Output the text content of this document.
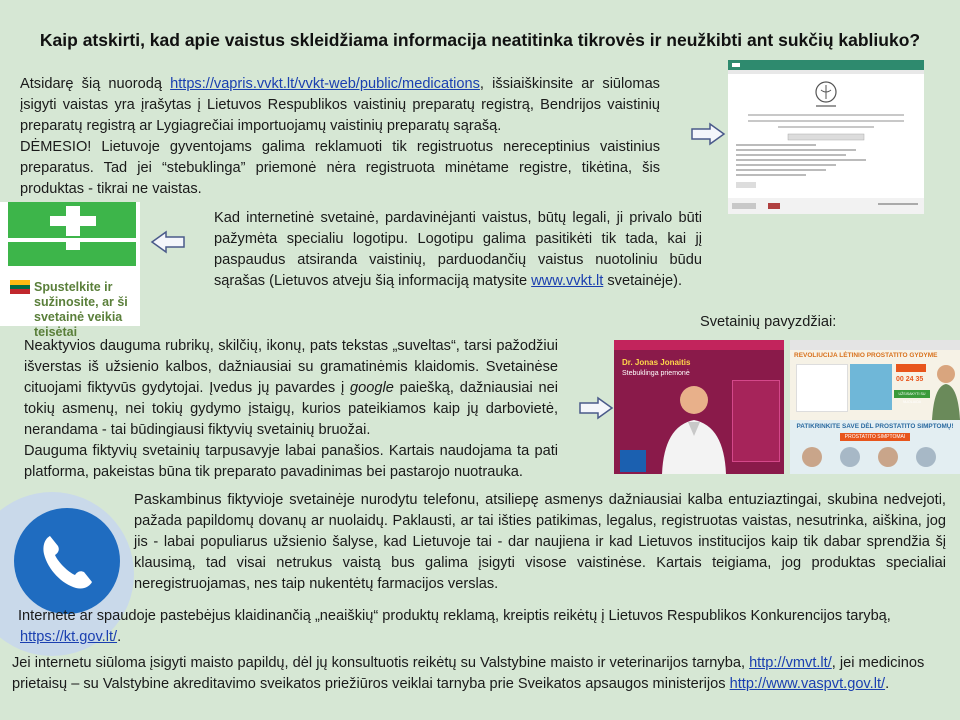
Kaip atskirti, kad apie vaistus skleidžiama informacija neatitinka tikrovės ir neužkibti ant sukčių kabliuko?

Atsidarę šią nuorodą https://vapris.vvkt.lt/vvkt-web/public/medications, išsiaiškinsite ar siūlomas įsigyti vaistas yra įrašytas į Lietuvos Respublikos vaistinių preparatų registrą, Bendrijos vaistinių preparatų registrą ar Lygiagrečiai importuojamų vaistinių preparatų sąrašą.

DĖMESIO! Lietuvoje gyventojams galima reklamuoti tik registruotus nereceptinius vaistinius preparatus. Tad jei “stebuklinga” priemonė nėra registruota minėtame registre, tikėtina, šis produktas - tikrai ne vaistas.

Spustelkite ir sužinosite, ar ši svetainė veikia teisėtai

Kad internetinė svetainė, pardavinėjanti vaistus, būtų legali, ji privalo būti pažymėta specialiu logotipu. Logotipu galima pasitikėti tik tada, kai jį paspaudus atsiranda vaistinių, parduodančių vaistus nuotoliniu būdu sąrašas (Lietuvos atveju šią informaciją matysite www.vvkt.lt svetainėje).

Svetainių pavyzdžiai:

Neaktyvios dauguma rubrikų, skilčių, ikonų, pats tekstas „suveltas“, tarsi pažodžiui išverstas iš užsienio kalbos, dažniausiai su gramatinėmis klaidomis. Svetainėse cituojami fiktyvūs gydytojai. Įvedus jų pavardes į google paiešką, dažniausiai nei tokių asmenų, nei tokių gydymo įstaigų, kurios pateikiamos kaip jų darbovietė, nerandama - tai būdingiausi fiktyvių svetainių bruožai.

Dauguma fiktyvių svetainių tarpusavyje labai panašios. Kartais naudojama ta pati platforma, pakeistas būna tik preparato pavadinimas bei pastarojo nuotrauka.

Dr. Jonas Jonaitis
Stebuklinga priemonė
REVOLIUCIJA LĖTINIO PROSTATITO GYDYME
00 24 35
UŽSISAKYTI SU NUOLAIDA
PATIKRINKITE SAVE DĖL PROSTATITO SIMPTOMŲ!
PROSTATITO SIMPTOMAI

Paskambinus fiktyvioje svetainėje nurodytu telefonu, atsiliepę asmenys dažniausiai kalba entuziaztingai, skubina nedvejoti, pažada papildomų dovanų ar nuolaidų. Paklausti, ar tai išties patikimas, legalus, registruotas vaistas, nesutrinka, aiškina, jog jis - labai populiarus užsienio šalyse, kad Lietuvoje tai - dar naujiena ir kad Lietuvos institucijos kaip tik dabar sprendžia šį klausimą, tad visai netrukus vaistą bus galima įsigyti visose vaistinėse. Kartais teigiama, jog produktas specialiai neregistruojamas, nes taip nukentėtų farmacijos verslas.

Internete ar spaudoje pastebėjus klaidinančią „neaiškių“ produktų reklamą, kreiptis reikėtų į Lietuvos Respublikos Konkurencijos tarybą,
https://kt.gov.lt/.

Jei internetu siūloma įsigyti maisto papildų, dėl jų konsultuotis reikėtų su Valstybine maisto ir veterinarijos tarnyba, http://vmvt.lt/, jei medicinos prietaisų – su Valstybine akreditavimo sveikatos priežiūros veiklai tarnyba prie Sveikatos apsaugos ministerijos http://www.vaspvt.gov.lt/.
